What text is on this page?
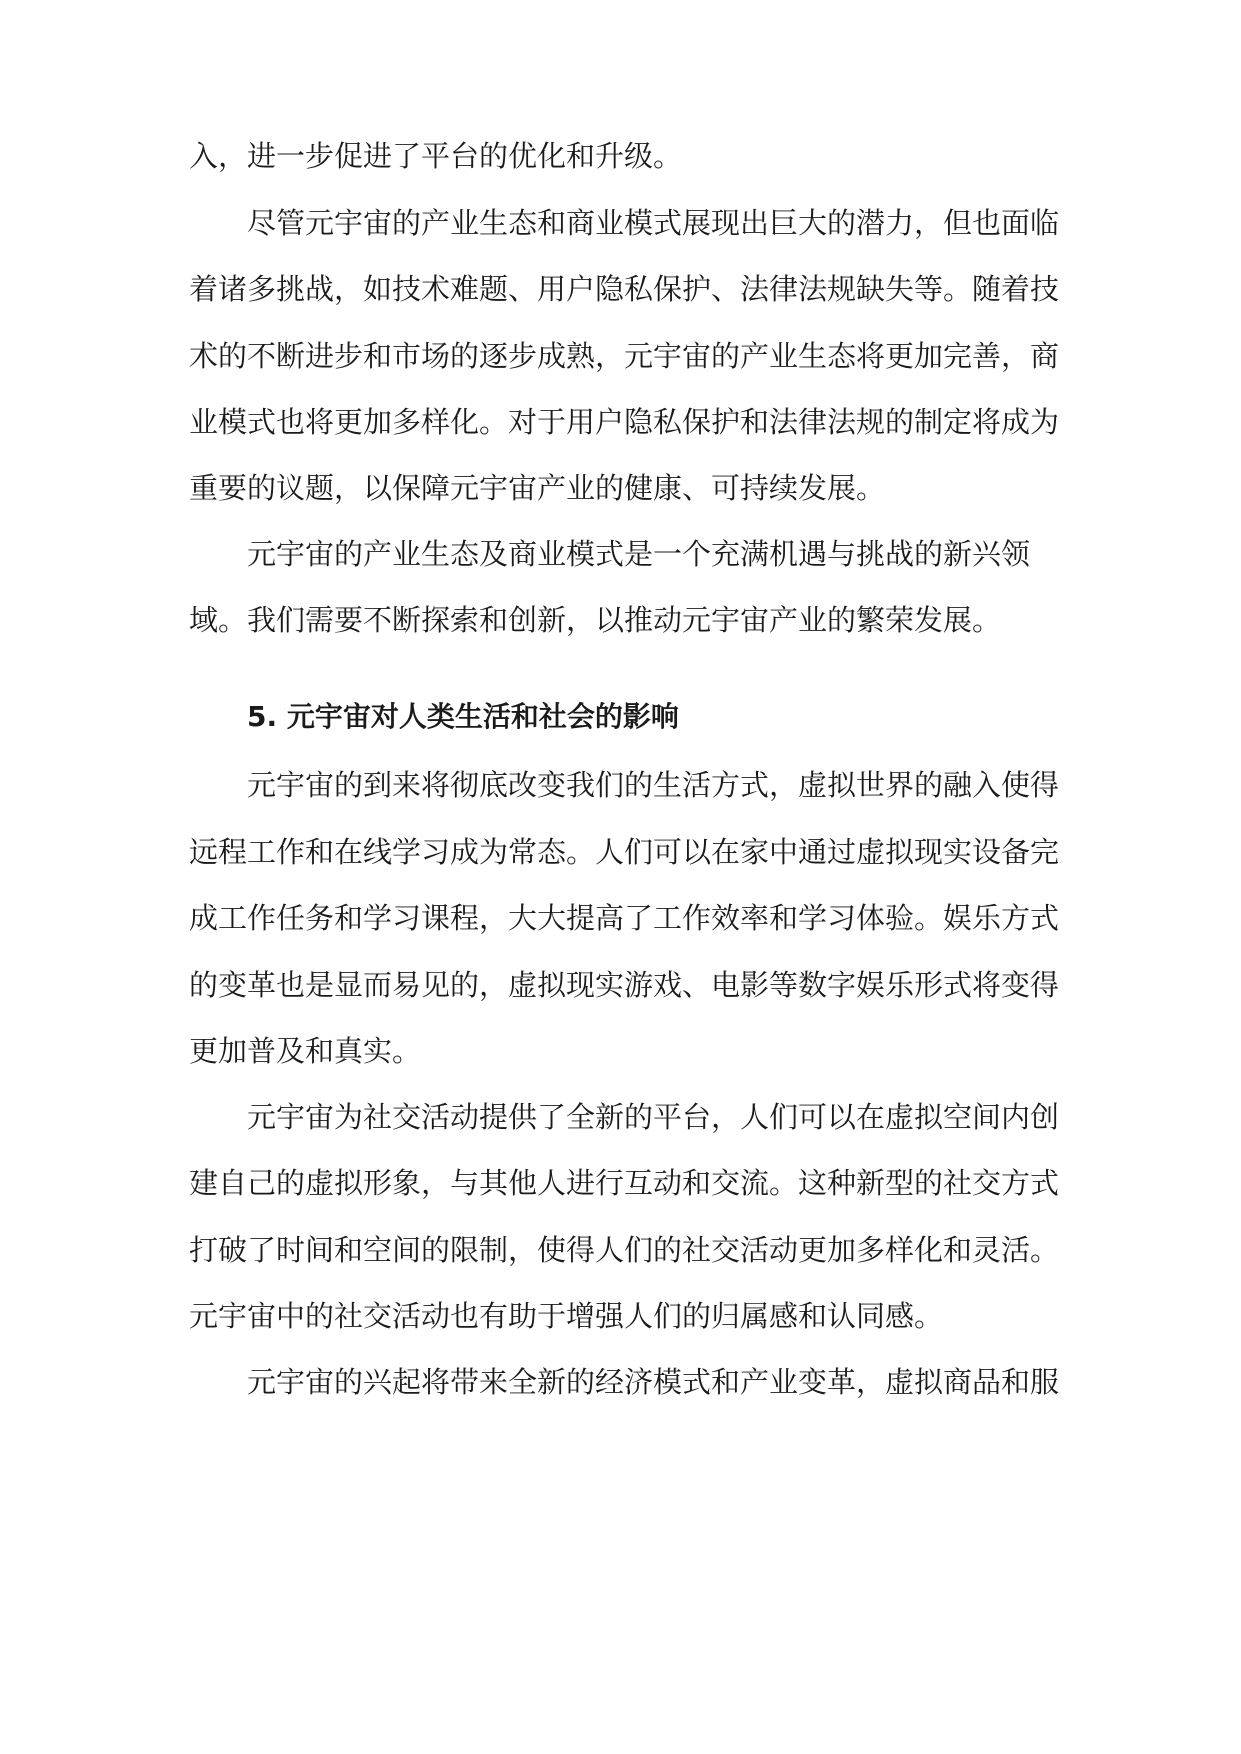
入，进一步促进了平台的优化和升级。
尽管元宇宙的产业生态和商业模式展现出巨大的潜力，但也面临
着诸多挑战，如技术难题、用户隐私保护、法律法规缺失等。随着技
术的不断进步和市场的逐步成熟，元宇宙的产业生态将更加完善，商
业模式也将更加多样化。对于用户隐私保护和法律法规的制定将成为
重要的议题，以保障元宇宙产业的健康、可持续发展。
元宇宙的产业生态及商业模式是一个充满机遇与挑战的新兴领
域。我们需要不断探索和创新，以推动元宇宙产业的繁荣发展。
5. 元宇宙对人类生活和社会的影响
元宇宙的到来将彻底改变我们的生活方式，虚拟世界的融入使得
远程工作和在线学习成为常态。人们可以在家中通过虚拟现实设备完
成工作任务和学习课程，大大提高了工作效率和学习体验。娱乐方式
的变革也是显而易见的，虚拟现实游戏、电影等数字娱乐形式将变得
更加普及和真实。
元宇宙为社交活动提供了全新的平台，人们可以在虚拟空间内创
建自己的虚拟形象，与其他人进行互动和交流。这种新型的社交方式
打破了时间和空间的限制，使得人们的社交活动更加多样化和灵活。
元宇宙中的社交活动也有助于增强人们的归属感和认同感。
元宇宙的兴起将带来全新的经济模式和产业变革，虚拟商品和服
